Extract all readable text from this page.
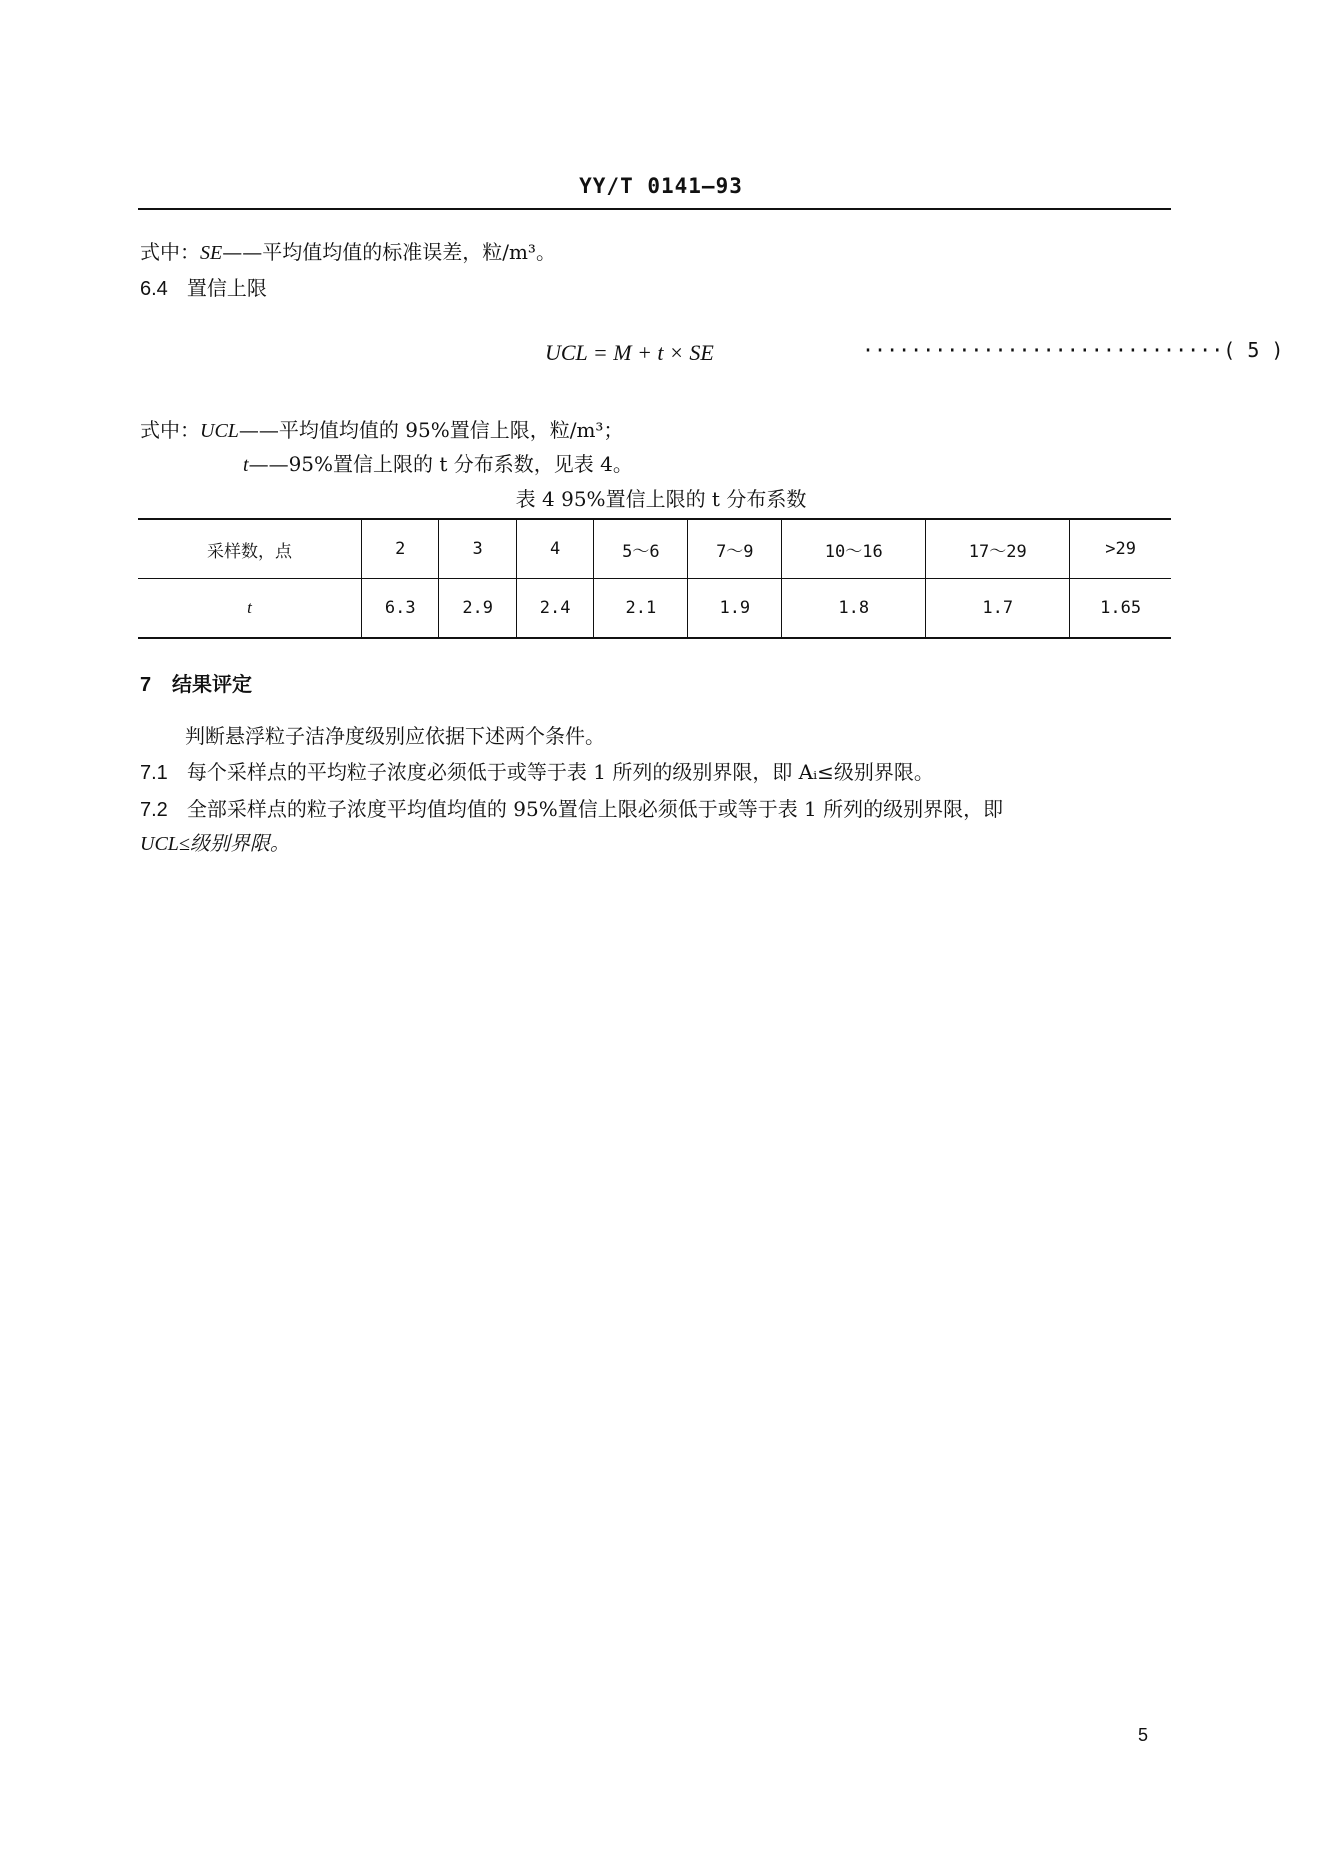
YY/T 0141—93
式中：SE——平均值均值的标准误差，粒/m³。
6.4 置信上限
UCL = M + t × SE	······························( 5 )
式中：UCL——平均值均值的 95%置信上限，粒/m³；
t——95%置信上限的 t 分布系数，见表 4。
表 4 95%置信上限的 t 分布系数
采样数，点	2	3	4	5～6	7～9	10～16	17～29	>29
t	6.3	2.9	2.4	2.1	1.9	1.8	1.7	1.65
7 结果评定
判断悬浮粒子洁净度级别应依据下述两个条件。
7.1 每个采样点的平均粒子浓度必须低于或等于表 1 所列的级别界限，即 Aᵢ≤级别界限。
7.2 全部采样点的粒子浓度平均值均值的 95%置信上限必须低于或等于表 1 所列的级别界限，即
UCL≤级别界限。
5
